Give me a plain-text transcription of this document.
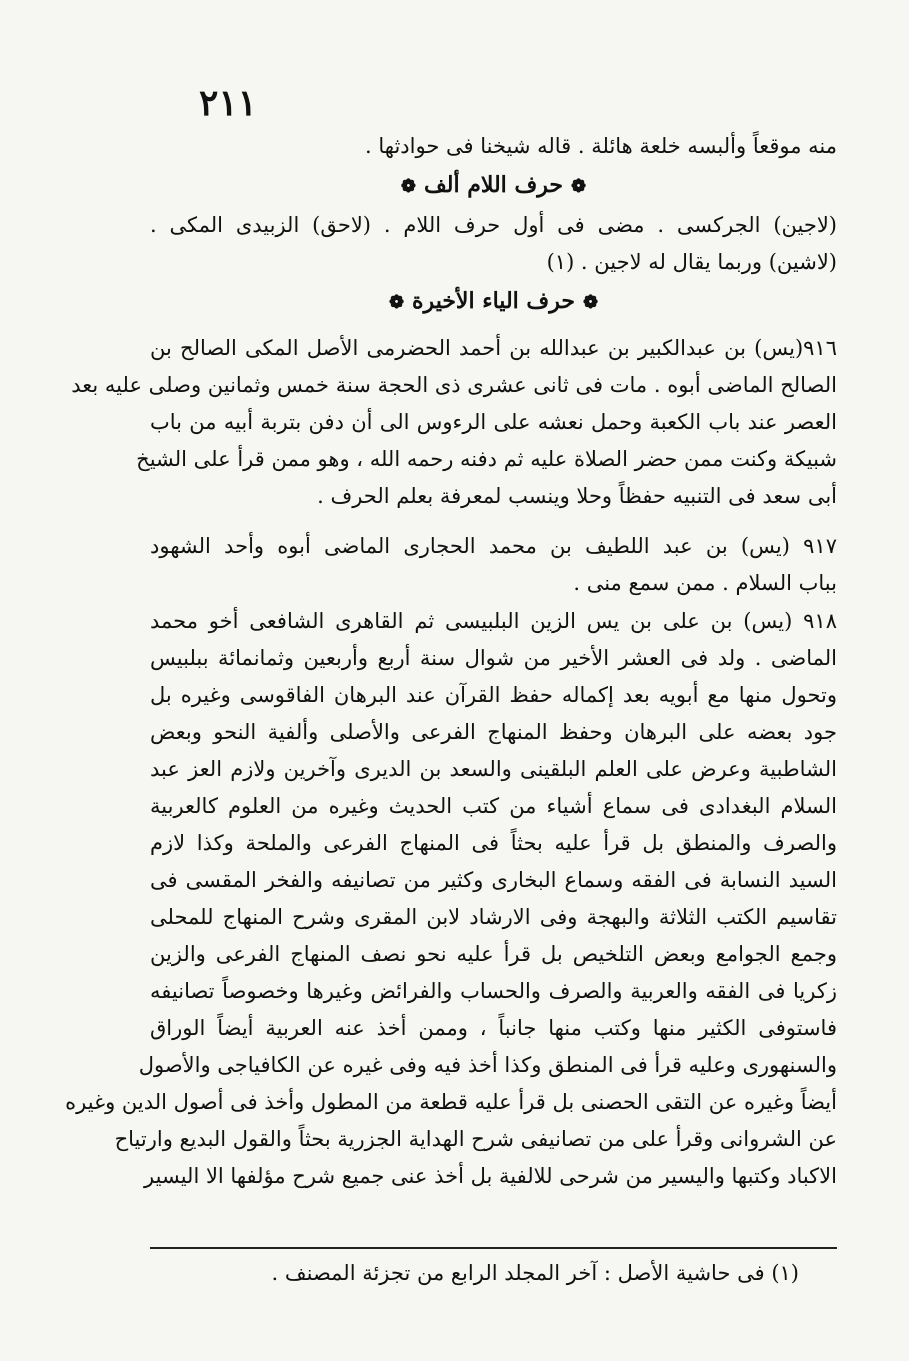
٢١١
منه موقعاً وألبسه خلعة هائلة . قاله شيخنا فى حوادثها .
❁حرف اللام ألف❁
(لاجين) الجركسى . مضى فى أول حرف اللام . (لاحق) الزبيدى المكى .
(لاشين) وربما يقال له لاجين . (١)
❁حرف الياء الأخيرة❁
٩١٦(يس) بن عبدالكبير بن عبدالله بن أحمد الحضرمى الأصل المكى الصالح بن
الصالح الماضى أبوه . مات فى ثانى عشرى ذى الحجة سنة خمس وثمانين وصلى عليه بعد
العصر عند باب الكعبة وحمل نعشه على الرءوس الى أن دفن بتربة أبيه من باب
شبيكة وكنت ممن حضر الصلاة عليه ثم دفنه رحمه الله ، وهو ممن قرأ على الشيخ
أبى سعد فى التنبيه حفظاً وحلا وينسب لمعرفة بعلم الحرف .
٩١٧ (يس) بن عبد اللطيف بن محمد الحجارى الماضى أبوه وأحد الشهود
بباب السلام . ممن سمع منى .
٩١٨ (يس) بن على بن يس الزين البلبيسى ثم القاهرى الشافعى أخو محمد
الماضى . ولد فى العشر الأخير من شوال سنة أربع وأربعين وثمانمائة ببلبيس
وتحول منها مع أبويه بعد إكماله حفظ القرآن عند البرهان الفاقوسى وغيره بل
جود بعضه على البرهان وحفظ المنهاج الفرعى والأصلى وألفية النحو وبعض
الشاطبية وعرض على العلم البلقينى والسعد بن الديرى وآخرين ولازم العز عبد
السلام البغدادى فى سماع أشياء من كتب الحديث وغيره من العلوم كالعربية
والصرف والمنطق بل قرأ عليه بحثاً فى المنهاج الفرعى والملحة وكذا لازم
السيد النسابة فى الفقه وسماع البخارى وكثير من تصانيفه والفخر المقسى فى
تقاسيم الكتب الثلاثة والبهجة وفى الارشاد لابن المقرى وشرح المنهاج للمحلى
وجمع الجوامع وبعض التلخيص بل قرأ عليه نحو نصف المنهاج الفرعى والزين
زكريا فى الفقه والعربية والصرف والحساب والفرائض وغيرها وخصوصاً تصانيفه
فاستوفى الكثير منها وكتب منها جانباً ، وممن أخذ عنه العربية أيضاً الوراق
والسنهورى وعليه قرأ فى المنطق وكذا أخذ فيه وفى غيره عن الكافياجى والأصول
أيضاً وغيره عن التقى الحصنى بل قرأ عليه قطعة من المطول وأخذ فى أصول الدين وغيره
عن الشروانى وقرأ على من تصانيفى شرح الهداية الجزرية بحثاً والقول البديع وارتياح
الاكباد وكتبها واليسير من شرحى للالفية بل أخذ عنى جميع شرح مؤلفها الا اليسير
(١) فى حاشية الأصل : آخر المجلد الرابع من تجزئة المصنف .
